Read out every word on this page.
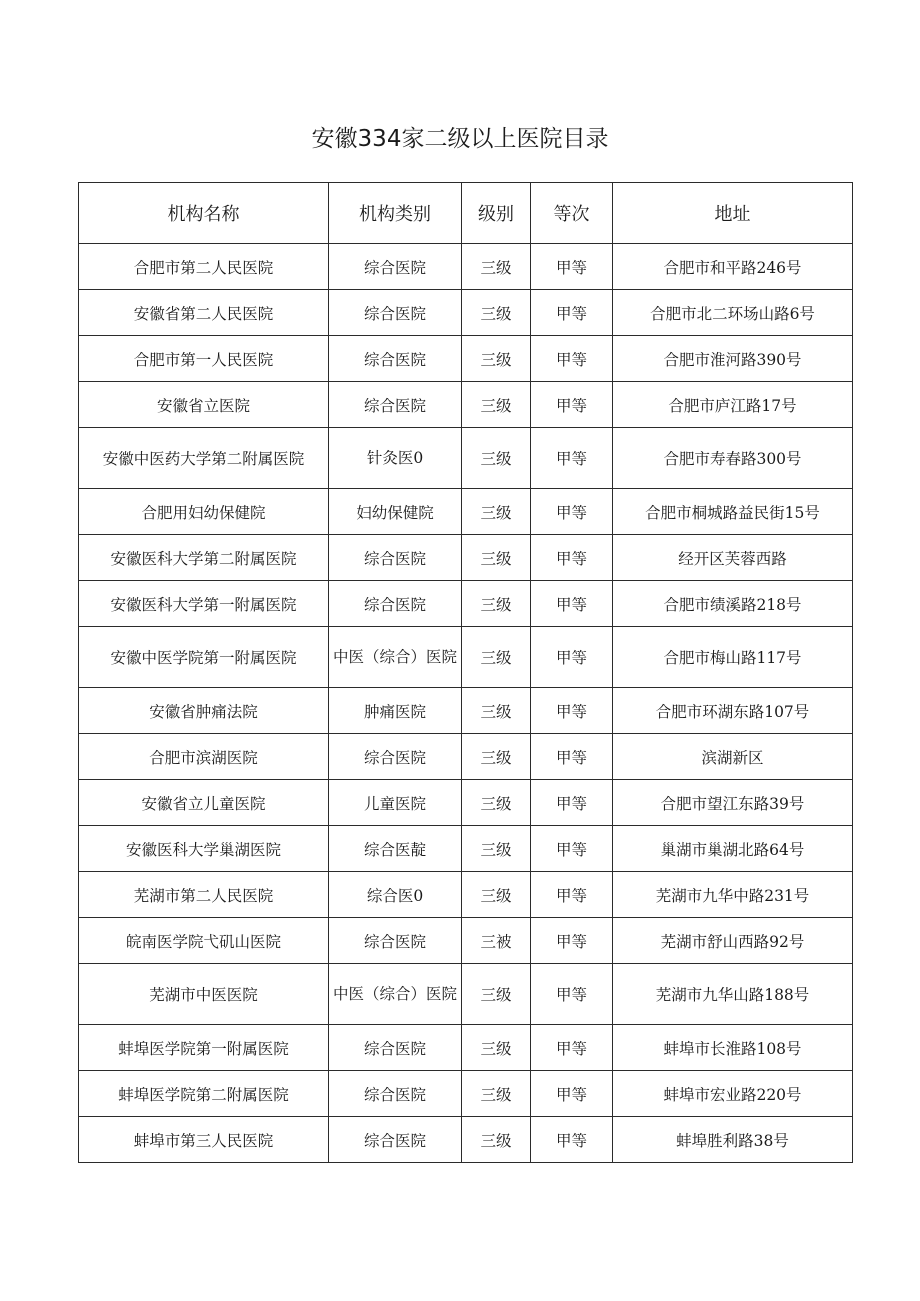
安徽334家二级以上医院目录
机构名称	机构类别	级别	等次	地址
合肥市第二人民医院	综合医院	三级	甲等	合肥市和平路246号
安徽省第二人民医院	综合医院	三级	甲等	合肥市北二环场山路6号
合肥市第一人民医院	综合医院	三级	甲等	合肥市淮河路390号
安徽省立医院	综合医院	三级	甲等	合肥市庐江路17号
安徽中医药大学第二附属医院	针灸医0	三级	甲等	合肥市寿春路300号
合肥用妇幼保健院	妇幼保健院	三级	甲等	合肥市桐城路益民街15号
安徽医科大学第二附属医院	综合医院	三级	甲等	经开区芙蓉西路
安徽医科大学第一附属医院	综合医院	三级	甲等	合肥市绩溪路218号
安徽中医学院第一附属医院	中医（综合）医院	三级	甲等	合肥市梅山路117号
安徽省肿痛法院	肿痛医院	三级	甲等	合肥市环湖东路107号
合肥市滨湖医院	综合医院	三级	甲等	滨湖新区
安徽省立儿童医院	儿童医院	三级	甲等	合肥市望江东路39号
安徽医科大学巢湖医院	综合医靛	三级	甲等	巢湖市巢湖北路64号
芜湖市第二人民医院	综合医0	三级	甲等	芜湖市九华中路231号
皖南医学院弋矶山医院	综合医院	三被	甲等	芜湖市舒山西路92号
芜湖市中医医院	中医（综合）医院	三级	甲等	芜湖市九华山路188号
蚌埠医学院第一附属医院	综合医院	三级	甲等	蚌埠市长淮路108号
蚌埠医学院第二附属医院	综合医院	三级	甲等	蚌埠市宏业路220号
蚌埠市第三人民医院	综合医院	三级	甲等	蚌埠胜利路38号
